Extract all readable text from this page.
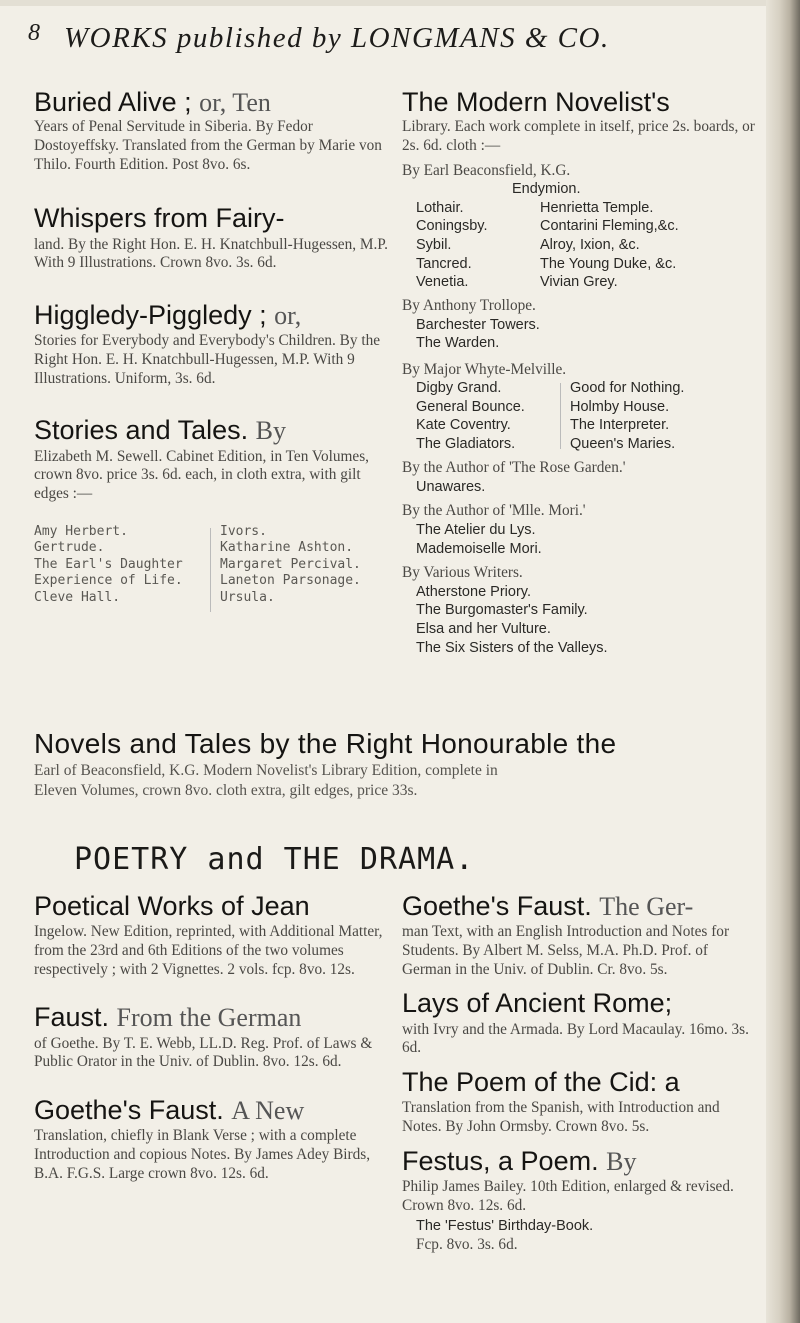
8 WORKS published by LONGMANS & CO.

Buried Alive ; or, Ten

Years of Penal Servitude in Siberia. By Fedor Dostoyeffsky. Translated from the German by Marie von Thilo. Fourth Edition. Post 8vo. 6s.

Whispers from Fairy-

land. By the Right Hon. E. H. Knatchbull-Hugessen, M.P. With 9 Illustrations. Crown 8vo. 3s. 6d.

Higgledy-Piggledy ; or,

Stories for Everybody and Everybody's Children. By the Right Hon. E. H. Knatchbull-Hugessen, M.P. With 9 Illustrations. Uniform, 3s. 6d.

Stories and Tales. By

Elizabeth M. Sewell. Cabinet Edition, in Ten Volumes, crown 8vo. price 3s. 6d. each, in cloth extra, with gilt edges :—

Amy Herbert.
Gertrude.
The Earl's Daughter
Experience of Life.
Cleve Hall.
Ivors.
Katharine Ashton.
Margaret Percival.
Laneton Parsonage.
Ursula.

The Modern Novelist's

Library. Each work complete in itself, price 2s. boards, or 2s. 6d. cloth :—

By Earl Beaconsfield, K.G.

Endymion.
Lothair.
Coningsby.
Sybil.
Tancred.
Venetia.
Henrietta Temple.
Contarini Fleming,&c.
Alroy, Ixion, &c.
The Young Duke, &c.
Vivian Grey.

By Anthony Trollope.

Barchester Towers.
The Warden.

By Major Whyte-Melville.

Digby Grand.
General Bounce.
Kate Coventry.
The Gladiators.
Good for Nothing.
Holmby House.
The Interpreter.
Queen's Maries.

By the Author of 'The Rose Garden.'

Unawares.

By the Author of 'Mlle. Mori.'

The Atelier du Lys.
Mademoiselle Mori.

By Various Writers.

Atherstone Priory.
The Burgomaster's Family.
Elsa and her Vulture.
The Six Sisters of the Valleys.
Novels and Tales by the Right Honourable the
Earl of Beaconsfield, K.G. Modern Novelist's Library Edition, complete in
Eleven Volumes, crown 8vo. cloth extra, gilt edges, price 33s.
POETRY and THE DRAMA.

Poetical Works of Jean

Ingelow. New Edition, reprinted, with Additional Matter, from the 23rd and 6th Editions of the two volumes respectively ; with 2 Vignettes. 2 vols. fcp. 8vo. 12s.

Faust. From the German

of Goethe. By T. E. Webb, LL.D. Reg. Prof. of Laws & Public Orator in the Univ. of Dublin. 8vo. 12s. 6d.

Goethe's Faust. A New

Translation, chiefly in Blank Verse ; with a complete Introduction and copious Notes. By James Adey Birds, B.A. F.G.S. Large crown 8vo. 12s. 6d.

Goethe's Faust. The Ger-

man Text, with an English Introduction and Notes for Students. By Albert M. Selss, M.A. Ph.D. Prof. of German in the Univ. of Dublin. Cr. 8vo. 5s.

Lays of Ancient Rome;

with Ivry and the Armada. By Lord Macaulay. 16mo. 3s. 6d.

The Poem of the Cid: a

Translation from the Spanish, with Introduction and Notes. By John Ormsby. Crown 8vo. 5s.

Festus, a Poem. By

Philip James Bailey. 10th Edition, enlarged & revised. Crown 8vo. 12s. 6d.

The 'Festus' Birthday-Book.

Fcp. 8vo. 3s. 6d.
